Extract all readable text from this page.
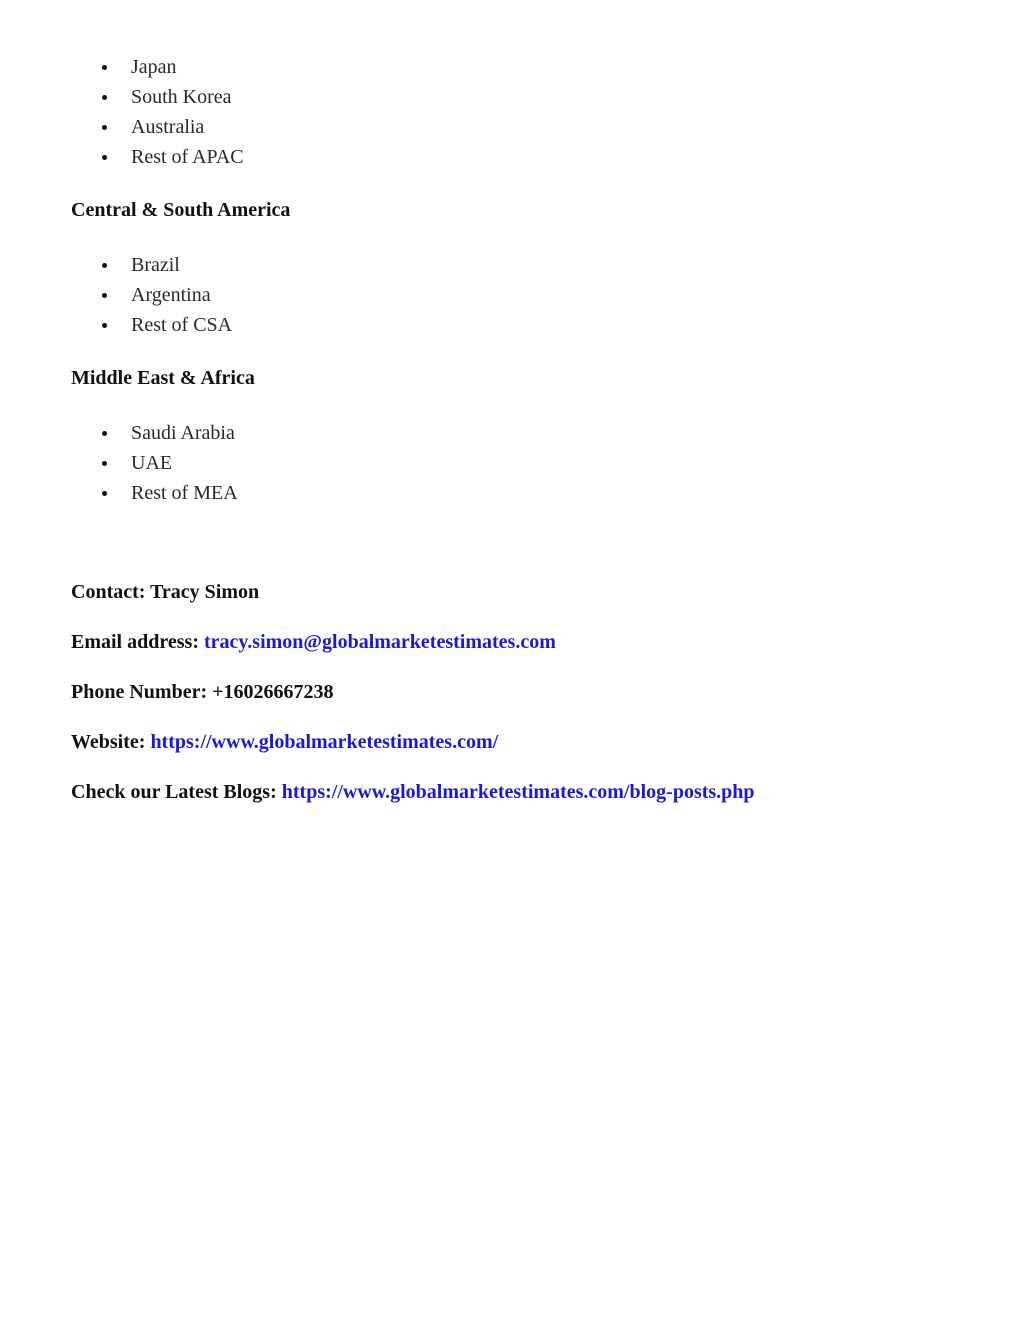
Japan
South Korea
Australia
Rest of APAC
Central & South America
Brazil
Argentina
Rest of CSA
Middle East & Africa
Saudi Arabia
UAE
Rest of MEA
Contact: Tracy Simon
Email address: tracy.simon@globalmarketestimates.com
Phone Number: +16026667238
Website: https://www.globalmarketestimates.com/
Check our Latest Blogs: https://www.globalmarketestimates.com/blog-posts.php
